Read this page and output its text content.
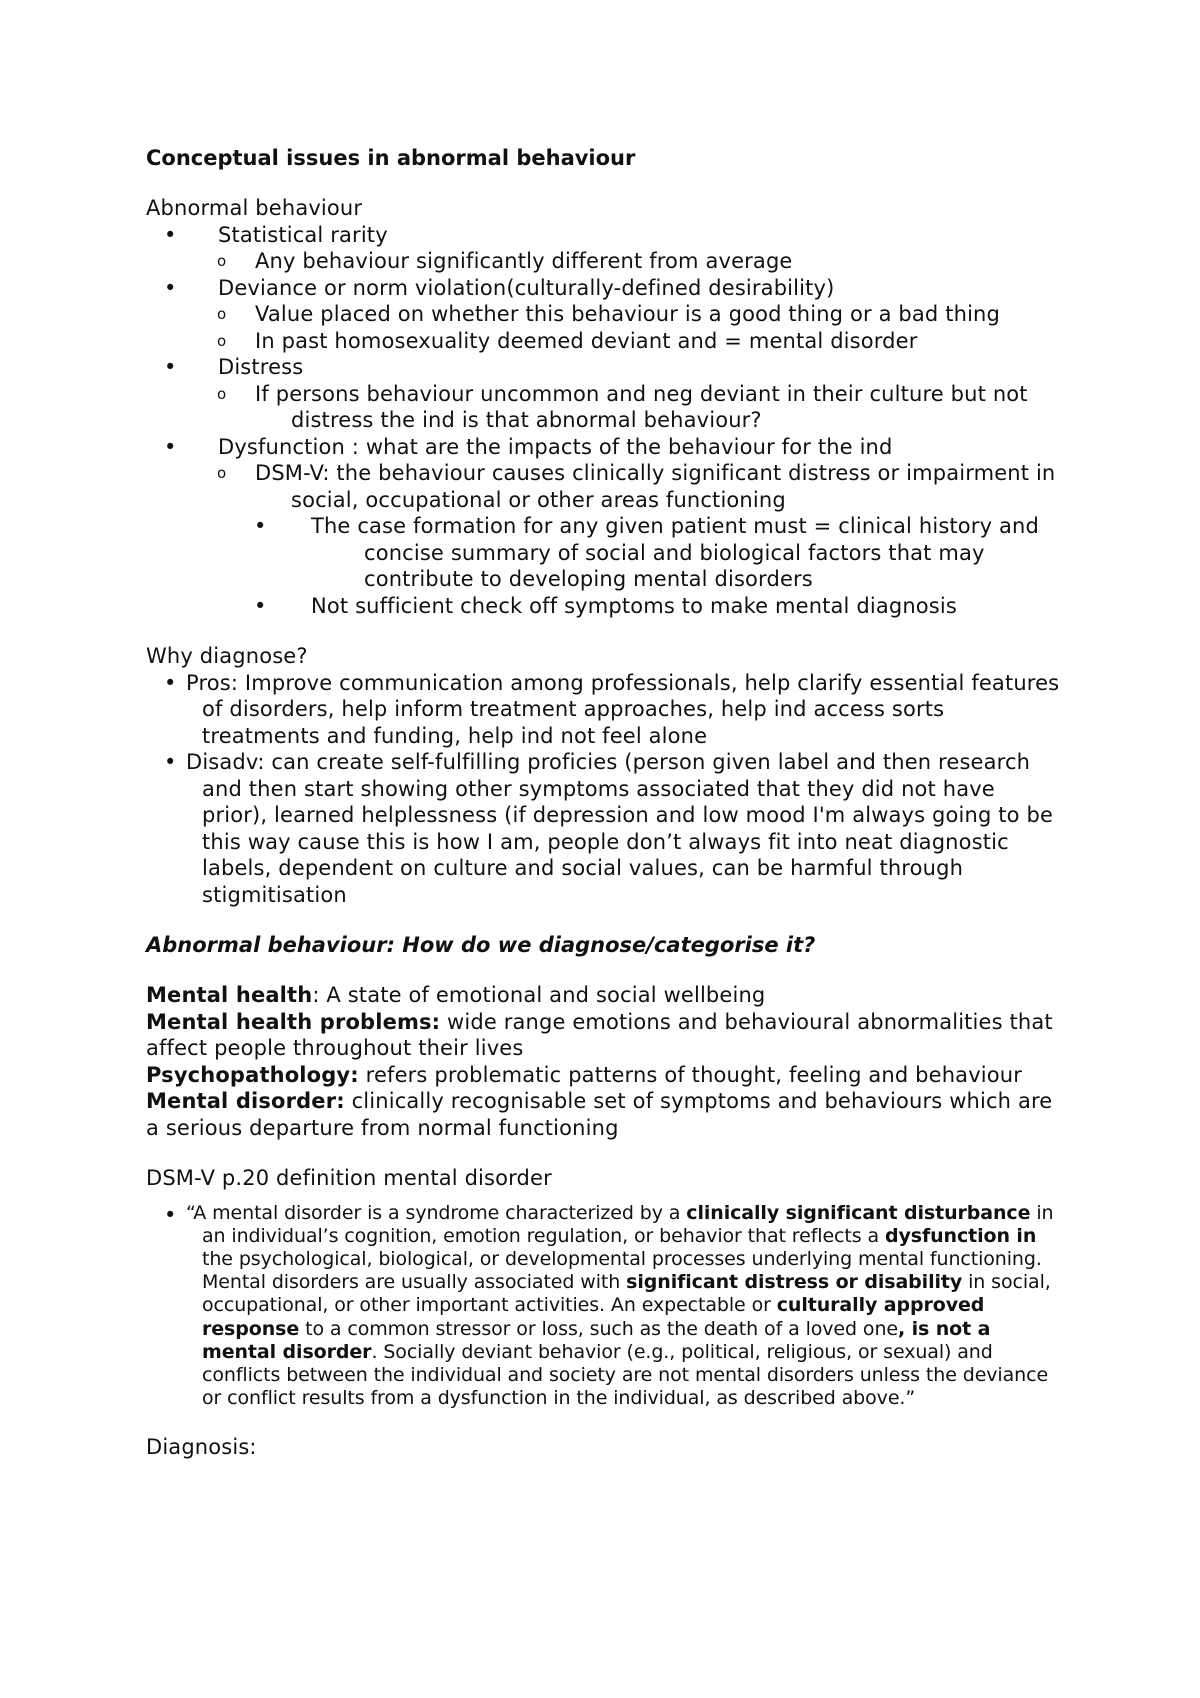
Conceptual issues in abnormal behaviour

Abnormal behaviour

• Statistical rarity
o Any behaviour significantly different from average
• Deviance or norm violation(culturally-defined desirability)
o Value placed on whether this behaviour is a good thing or a bad thing
o In past homosexuality deemed deviant and = mental disorder
• Distress
o If persons behaviour uncommon and neg deviant in their culture but not distress the ind is that abnormal behaviour?
• Dysfunction : what are the impacts of the behaviour for the ind
o DSM-V: the behaviour causes clinically significant distress or impairment in social, occupational or other areas functioning
• The case formation for any given patient must = clinical history and concise summary of social and biological factors that may contribute to developing mental disorders
• Not sufficient check off symptoms to make mental diagnosis

Why diagnose?

• Pros: Improve communication among professionals, help clarify essential features of disorders, help inform treatment approaches, help ind access sorts treatments and funding, help ind not feel alone
• Disadv: can create self-fulfilling proficies (person given label and then research and then start showing other symptoms associated that they did not have prior), learned helplessness (if depression and low mood I'm always going to be this way cause this is how I am, people don’t always fit into neat diagnostic labels, dependent on culture and social values, can be harmful through stigmitisation

Abnormal behaviour: How do we diagnose/categorise it?

Mental health: A state of emotional and social wellbeing

Mental health problems: wide range emotions and behavioural abnormalities that affect people throughout their lives

Psychopathology: refers problematic patterns of thought, feeling and behaviour

Mental disorder: clinically recognisable set of symptoms and behaviours which are a serious departure from normal functioning

DSM-V p.20 definition mental disorder

• “A mental disorder is a syndrome characterized by a clinically significant disturbance in an individual’s cognition, emotion regulation, or behavior that reflects a dysfunction in the psychological, biological, or developmental processes underlying mental functioning. Mental disorders are usually associated with significant distress or disability in social, occupational, or other important activities. An expectable or culturally approved response to a common stressor or loss, such as the death of a loved one, is not a mental disorder. Socially deviant behavior (e.g., political, religious, or sexual) and conflicts between the individual and society are not mental disorders unless the deviance or conflict results from a dysfunction in the individual, as described above.”

Diagnosis:
